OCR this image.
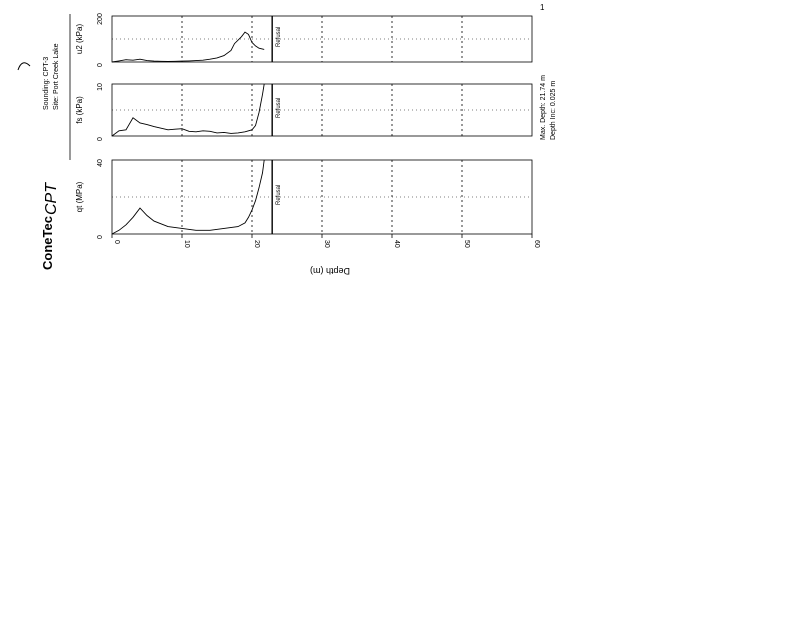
ConeTec
CPT
Sounding: CPT-3 Site: Port Creek Lake
1
Max. Depth: 21.74 m Depth Inc: 0.025 m
0
40
qt (MPa)	Refusal
0
10
fs (kPa)	Refusal
0
200
u2 (kPa)	Refusal
0	10	20	30	40	50	60
Depth (m)
